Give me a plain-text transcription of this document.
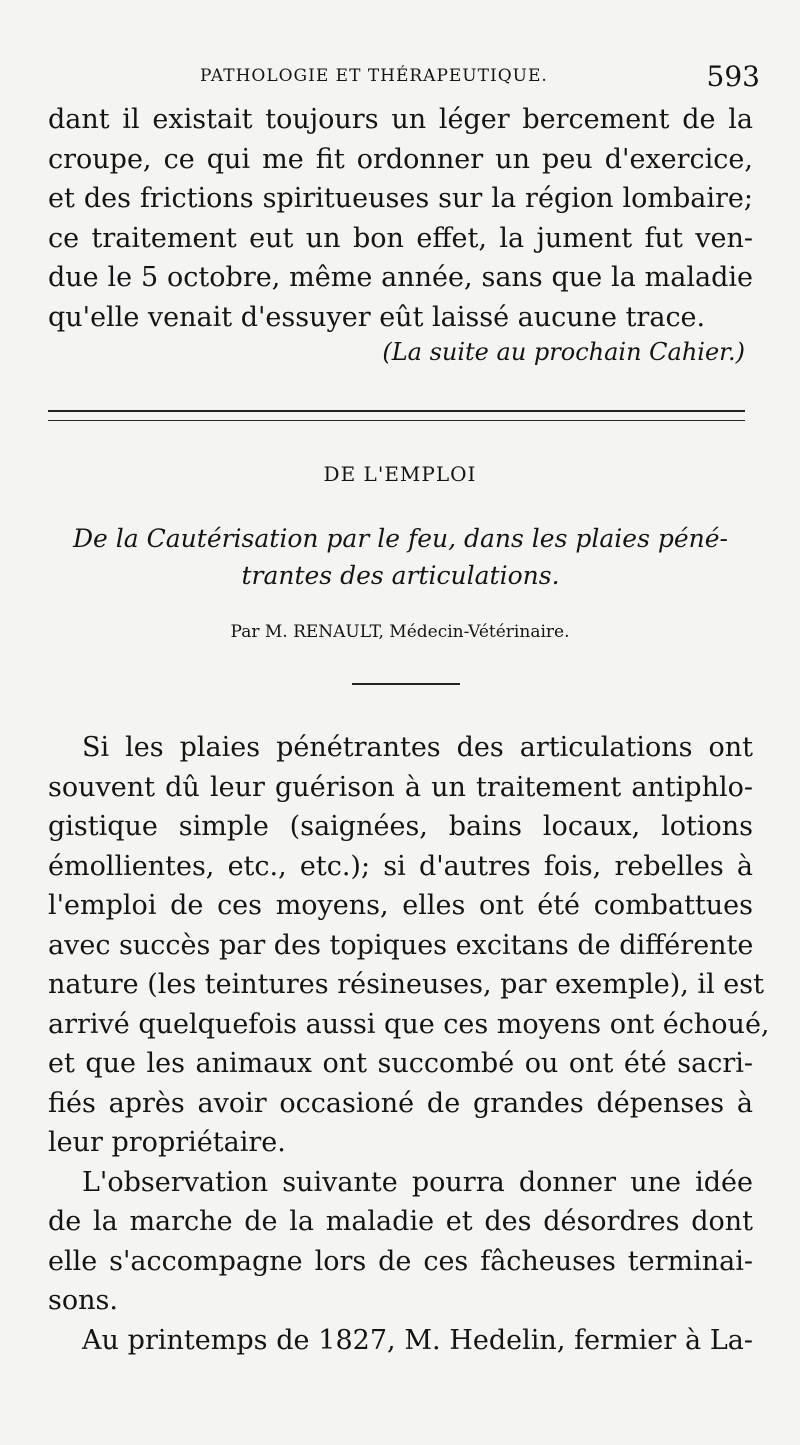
PATHOLOGIE ET THÉRAPEUTIQUE.	593
dant il existait toujours un léger bercement de la
croupe, ce qui me fit ordonner un peu d'exercice,
et des frictions spiritueuses sur la région lombaire;
ce traitement eut un bon effet, la jument fut ven-
due le 5 octobre, même année, sans que la maladie
qu'elle venait d'essuyer eût laissé aucune trace.
(La suite au prochain Cahier.)
DE L'EMPLOI
De la Cautérisation par le feu, dans les plaies péné-
trantes des articulations.
Par M. RENAULT, Médecin-Vétérinaire.
Si les plaies pénétrantes des articulations ont
souvent dû leur guérison à un traitement antiphlo-
gistique simple (saignées, bains locaux, lotions
émollientes, etc., etc.); si d'autres fois, rebelles à
l'emploi de ces moyens, elles ont été combattues
avec succès par des topiques excitans de différente
nature (les teintures résineuses, par exemple), il est
arrivé quelquefois aussi que ces moyens ont échoué,
et que les animaux ont succombé ou ont été sacri-
fiés après avoir occasioné de grandes dépenses à
leur propriétaire.
L'observation suivante pourra donner une idée
de la marche de la maladie et des désordres dont
elle s'accompagne lors de ces fâcheuses terminai-
sons.
Au printemps de 1827, M. Hedelin, fermier à La-
